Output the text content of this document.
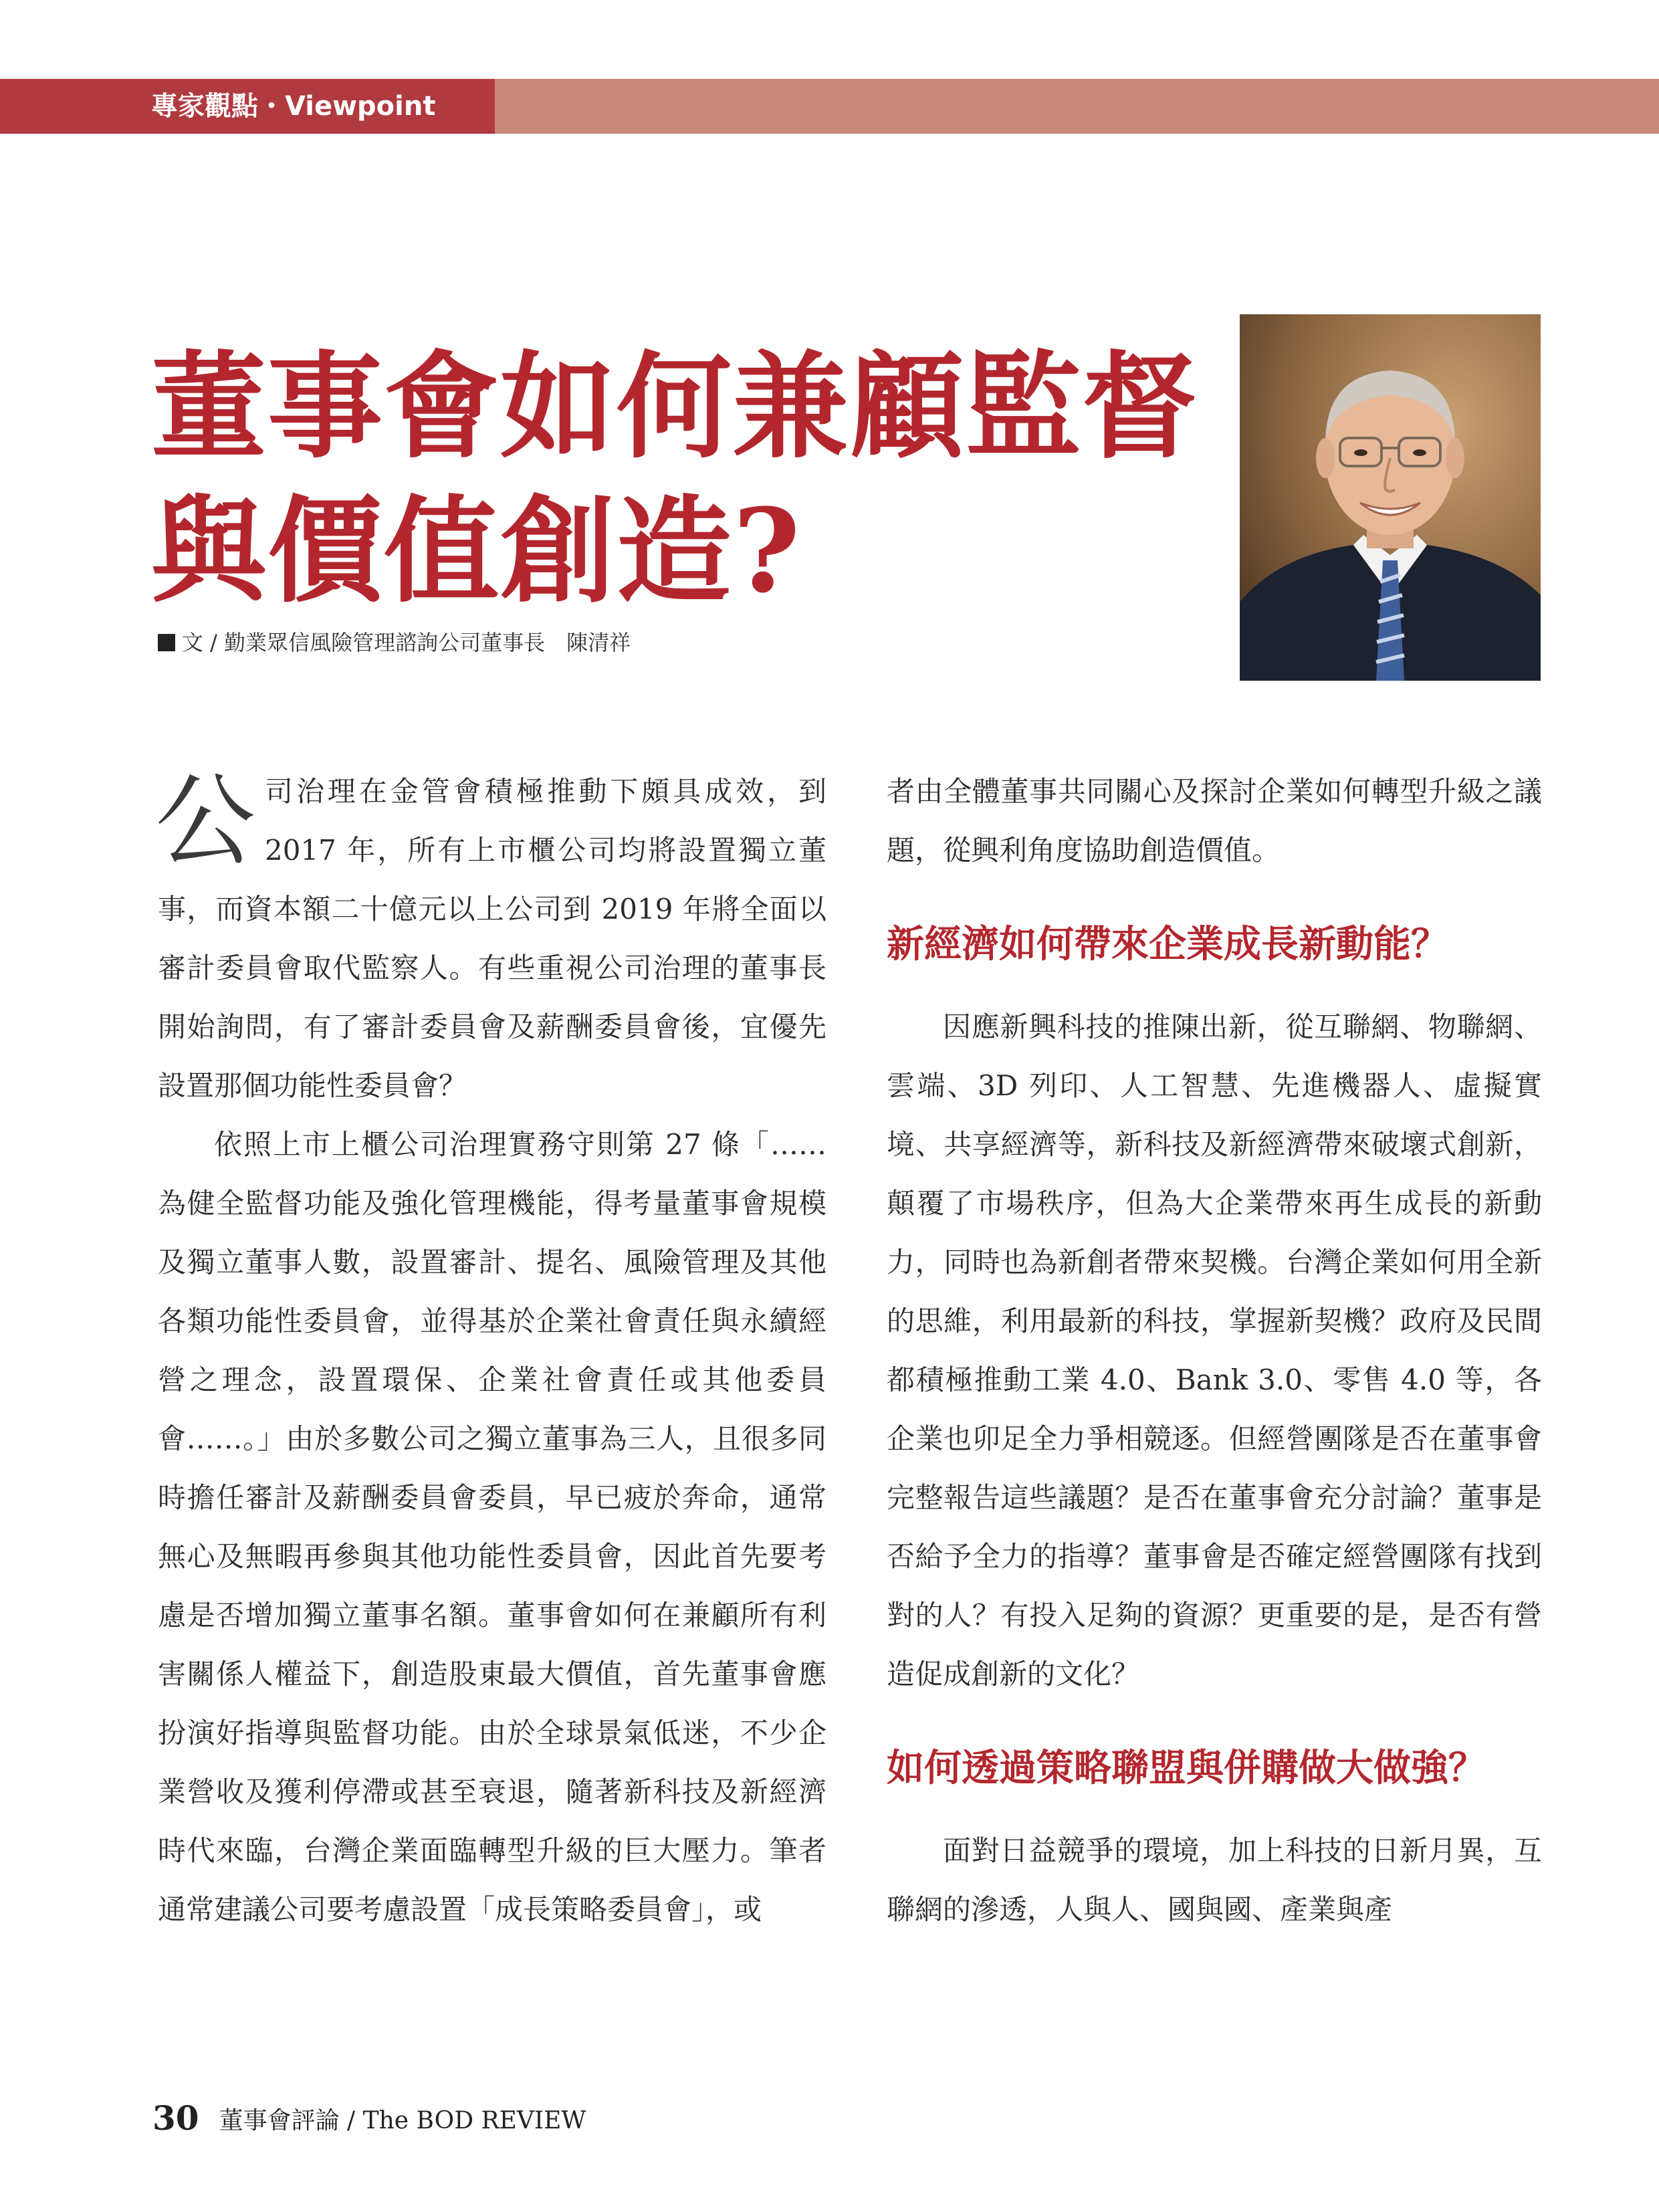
專家觀點・Viewpoint
董事會如何兼顧監督
與價值創造?
文 / 勤業眾信風險管理諮詢公司董事長　陳清祥

公司治理在金管會積極推動下頗具成效，到 2017 年，所有上市櫃公司均將設置獨立董事，而資本額二十億元以上公司到 2019 年將全面以審計委員會取代監察人。有些重視公司治理的董事長開始詢問，有了審計委員會及薪酬委員會後，宜優先設置那個功能性委員會？

依照上市上櫃公司治理實務守則第 27 條「……為健全監督功能及強化管理機能，得考量董事會規模及獨立董事人數，設置審計、提名、風險管理及其他各類功能性委員會，並得基於企業社會責任與永續經營之理念，設置環保、企業社會責任或其他委員會……。」由於多數公司之獨立董事為三人，且很多同時擔任審計及薪酬委員會委員，早已疲於奔命，通常無心及無暇再參與其他功能性委員會，因此首先要考慮是否增加獨立董事名額。董事會如何在兼顧所有利害關係人權益下，創造股東最大價值，首先董事會應扮演好指導與監督功能。由於全球景氣低迷，不少企業營收及獲利停滯或甚至衰退，隨著新科技及新經濟時代來臨，台灣企業面臨轉型升級的巨大壓力。筆者通常建議公司要考慮設置「成長策略委員會」，或

者由全體董事共同關心及探討企業如何轉型升級之議題，從興利角度協助創造價值。

新經濟如何帶來企業成長新動能？

因應新興科技的推陳出新，從互聯網、物聯網、雲端、3D 列印、人工智慧、先進機器人、虛擬實境、共享經濟等，新科技及新經濟帶來破壞式創新，顛覆了市場秩序，但為大企業帶來再生成長的新動力，同時也為新創者帶來契機。台灣企業如何用全新的思維，利用最新的科技，掌握新契機？政府及民間都積極推動工業 4.0、Bank 3.0、零售 4.0 等，各企業也卯足全力爭相競逐。但經營團隊是否在董事會完整報告這些議題？是否在董事會充分討論？董事是否給予全力的指導？董事會是否確定經營團隊有找到對的人？有投入足夠的資源？更重要的是，是否有營造促成創新的文化？

如何透過策略聯盟與併購做大做強？

面對日益競爭的環境，加上科技的日新月異，互聯網的滲透，人與人、國與國、產業與產

30 董事會評論 / The BOD REVIEW
